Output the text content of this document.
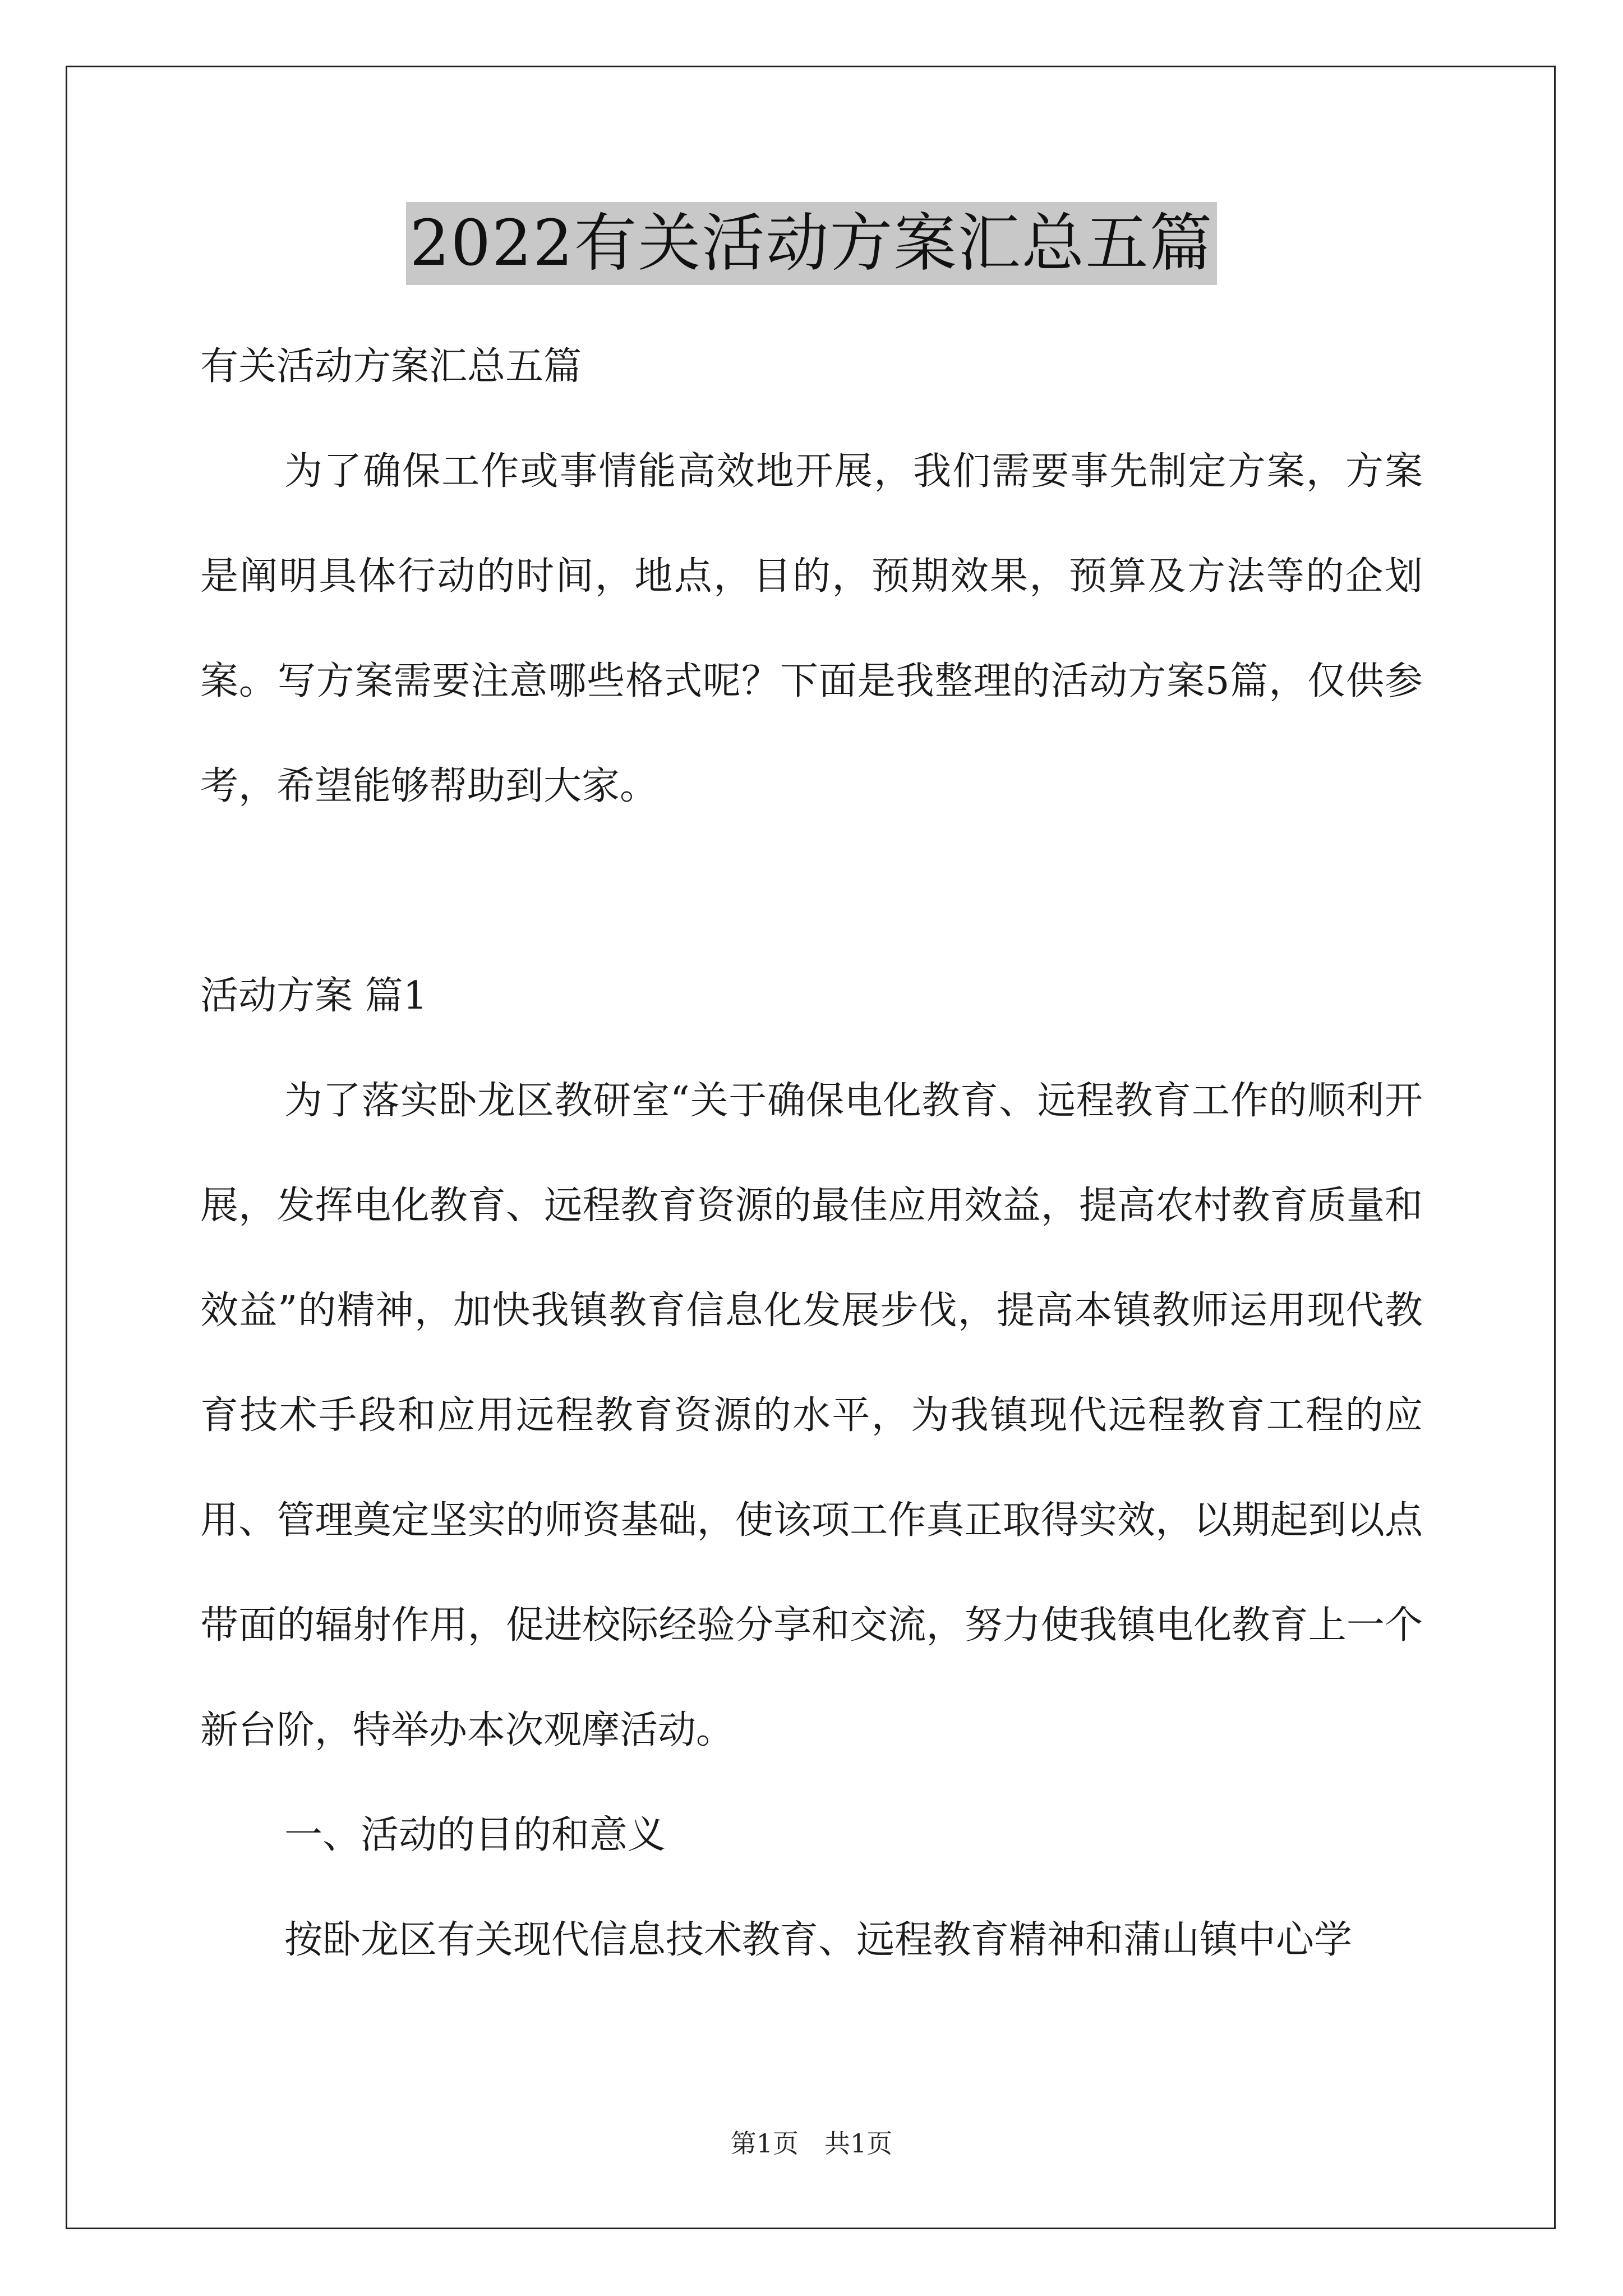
2022有关活动方案汇总五篇

有关活动方案汇总五篇

为了确保工作或事情能高效地开展，我们需要事先制定方案，方案是阐明具体行动的时间，地点，目的，预期效果，预算及方法等的企划案。写方案需要注意哪些格式呢？下面是我整理的活动方案5篇，仅供参考，希望能够帮助到大家。

活动方案 篇1

为了落实卧龙区教研室“关于确保电化教育、远程教育工作的顺利开展，发挥电化教育、远程教育资源的最佳应用效益，提高农村教育质量和效益”的精神，加快我镇教育信息化发展步伐，提高本镇教师运用现代教育技术手段和应用远程教育资源的水平，为我镇现代远程教育工程的应用、管理奠定坚实的师资基础，使该项工作真正取得实效，以期起到以点带面的辐射作用，促进校际经验分享和交流，努力使我镇电化教育上一个新台阶，特举办本次观摩活动。

一、活动的目的和意义

按卧龙区有关现代信息技术教育、远程教育精神和蒲山镇中心学

第1页　共1页
